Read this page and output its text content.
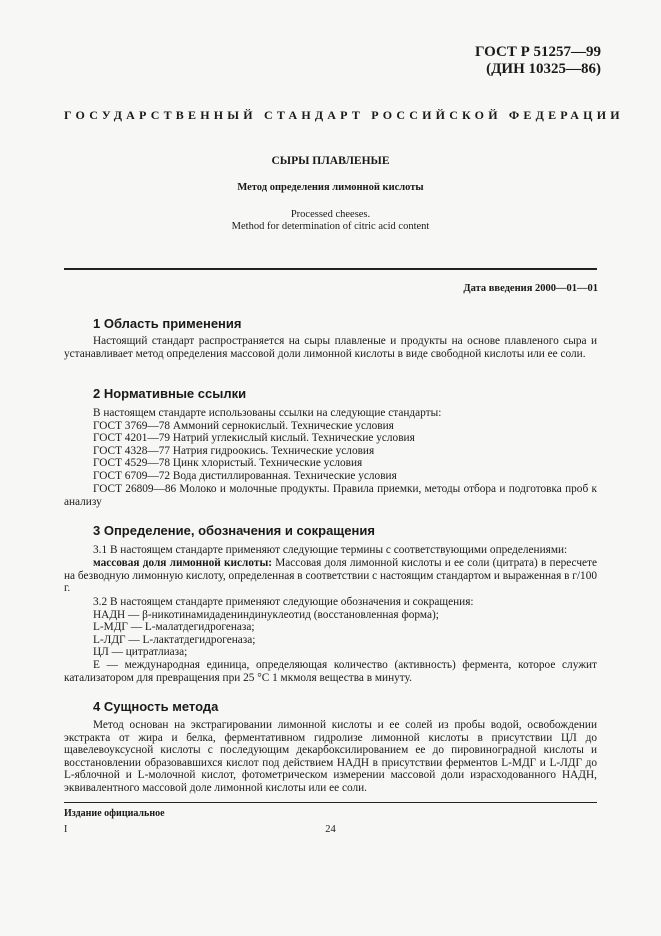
ГОСТ Р 51257—99
(ДИН 10325—86)
ГОСУДАРСТВЕННЫЙ СТАНДАРТ РОССИЙСКОЙ ФЕДЕРАЦИИ
СЫРЫ ПЛАВЛЕНЫЕ
Метод определения лимонной кислоты
Processed cheeses.
Method for determination of citric acid content
Дата введения 2000—01—01
1 Область применения
Настоящий стандарт распространяется на сыры плавленые и продукты на основе плавленого сыра и устанавливает метод определения массовой доли лимонной кислоты в виде свободной кислоты или ее соли.
2 Нормативные ссылки
В настоящем стандарте использованы ссылки на следующие стандарты:
ГОСТ 3769—78 Аммоний сернокислый. Технические условия
ГОСТ 4201—79 Натрий углекислый кислый. Технические условия
ГОСТ 4328—77 Натрия гидроокись. Технические условия
ГОСТ 4529—78 Цинк хлористый. Технические условия
ГОСТ 6709—72 Вода дистиллированная. Технические условия
ГОСТ 26809—86 Молоко и молочные продукты. Правила приемки, методы отбора и подготовка проб к анализу
3 Определение, обозначения и сокращения
3.1 В настоящем стандарте применяют следующие термины с соответствующими определениями:
массовая доля лимонной кислоты: Массовая доля лимонной кислоты и ее соли (цитрата) в пересчете на безводную лимонную кислоту, определенная в соответствии с настоящим стандартом и выраженная в г/100 г.
3.2 В настоящем стандарте применяют следующие обозначения и сокращения:
НАДН — β-никотинамидадениндинуклеотид (восстановленная форма);
L-МДГ — L-малатдегидрогеназа;
L-ЛДГ — L-лактатдегидрогеназа;
ЦЛ — цитратлиаза;
Е — международная единица, определяющая количество (активность) фермента, которое служит катализатором для превращения при 25 °С 1 мкмоля вещества в минуту.
4 Сущность метода
Метод основан на экстрагировании лимонной кислоты и ее солей из пробы водой, освобождении экстракта от жира и белка, ферментативном гидролизе лимонной кислоты в присутствии ЦЛ до щавелевоуксусной кислоты с последующим декарбоксилированием ее до пировиноградной кислоты и восстановлении образовавшихся кислот под действием НАДН в присутствии ферментов L-МДГ и L-ЛДГ до L-яблочной и L-молочной кислот, фотометрическом измерении массовой доли израсходованного НАДН, эквивалентного массовой доле лимонной кислоты или ее соли.
Издание официальное
I	24
